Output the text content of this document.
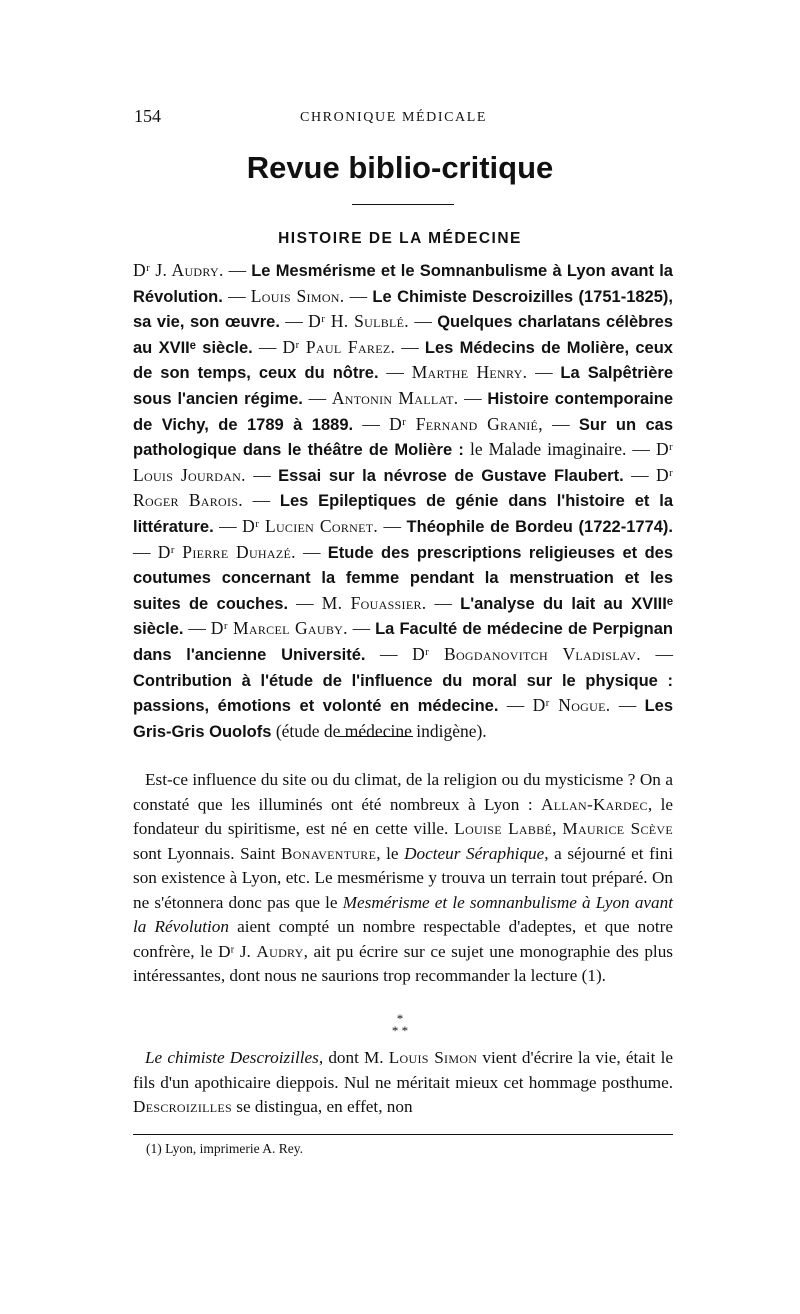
154	CHRONIQUE MÉDICALE
Revue biblio-critique
HISTOIRE DE LA MÉDECINE

Dʳ J. Audry. — Le Mesmérisme et le Somnanbulisme à Lyon avant la Révolution. — Louis Simon. — Le Chimiste Descroizilles (1751-1825), sa vie, son œuvre. — Dʳ H. Sulblé. — Quelques charlatans célèbres au XVIIᵉ siècle. — Dʳ Paul Farez. — Les Médecins de Molière, ceux de son temps, ceux du nôtre. — Marthe Henry. — La Salpêtrière sous l'ancien régime. — Antonin Mallat. — Histoire contemporaine de Vichy, de 1789 à 1889. — Dʳ Fernand Granié, — Sur un cas pathologique dans le théâtre de Molière : le Malade imaginaire. — Dʳ Louis Jourdan. — Essai sur la névrose de Gustave Flaubert. — Dʳ Roger Barois. — Les Epileptiques de génie dans l'histoire et la littérature. — Dʳ Lucien Cornet. — Théophile de Bordeu (1722-1774). — Dʳ Pierre Duhazé. — Etude des prescriptions religieuses et des coutumes concernant la femme pendant la menstruation et les suites de couches. — M. Fouassier. — L'analyse du lait au XVIIIᵉ siècle. — Dʳ Marcel Gauby. — La Faculté de médecine de Perpignan dans l'ancienne Université. — Dʳ Bogdanovitch Vladislav. — Contribution à l'étude de l'influence du moral sur le physique : passions, émotions et volonté en médecine. — Dʳ Nogue. — Les Gris-Gris Ouolofs (étude de médecine indigène).

Est-ce influence du site ou du climat, de la religion ou du mysticisme ? On a constaté que les illuminés ont été nombreux à Lyon : Allan-Kardec, le fondateur du spiritisme, est né en cette ville. Louise Labbé, Maurice Scève sont Lyonnais. Saint Bonaventure, le Docteur Séraphique, a séjourné et fini son existence à Lyon, etc. Le mesmérisme y trouva un terrain tout préparé. On ne s'étonnera donc pas que le Mesmérisme et le somnanbulisme à Lyon avant la Révolution aient compté un nombre respectable d'adeptes, et que notre confrère, le Dʳ J. Audry, ait pu écrire sur ce sujet une monographie des plus intéressantes, dont nous ne saurions trop recommander la lecture (1).

*
* *

Le chimiste Descroizilles, dont M. Louis Simon vient d'écrire la vie, était le fils d'un apothicaire dieppois. Nul ne méritait mieux cet hommage posthume. Descroizilles se distingua, en effet, non

(1) Lyon, imprimerie A. Rey.
